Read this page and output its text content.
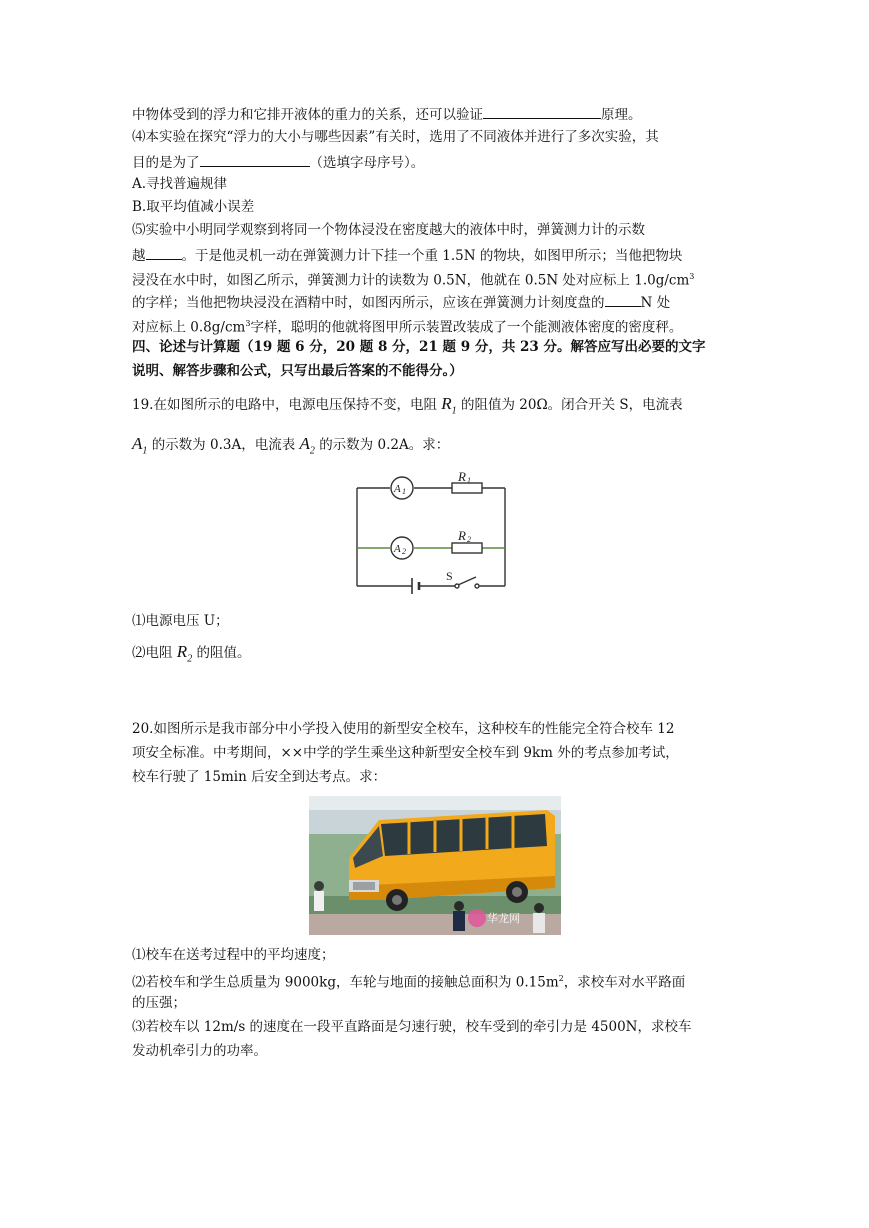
中物体受到的浮力和它排开液体的重力的关系，还可以验证	原理。
⑷本实验在探究“浮力的大小与哪些因素”有关时，选用了不同液体并进行了多次实验，其
目的是为了	（选填字母序号）。
A.寻找普遍规律
B.取平均值减小误差
⑸实验中小明同学观察到将同一个物体浸没在密度越大的液体中时，弹簧测力计的示数
越	。于是他灵机一动在弹簧测力计下挂一个重 1.5N 的物块，如图甲所示；当他把物块
浸没在水中时，如图乙所示，弹簧测力计的读数为 0.5N，他就在 0.5N 处对应标上 $1.0g/cm^3$
的字样；当他把物块浸没在酒精中时，如图丙所示，应该在弹簧测力计刻度盘的	N 处
对应标上 $0.8g/cm^3$字样，聪明的他就将图甲所示装置改装成了一个能测液体密度的密度秤。
四、论述与计算题（19 题 6 分，20 题 8 分，21 题 9 分，共 23 分。解答应写出必要的文字
说明、解答步骤和公式，只写出最后答案的不能得分。）
19.在如图所示的电路中，电源电压保持不变，电阻 $R_1$ 的阻值为 20Ω。闭合开关 S，电流表
$A_1$ 的示数为 0.3A，电流表 $A_2$ 的示数为 0.2A。求：
A 1
A 2
R 1
R 2
S
⑴电源电压 U；
⑵电阻 $R_2$ 的阻值。
20.如图所示是我市部分中小学投入使用的新型安全校车，这种校车的性能完全符合校车 12
项安全标准。中考期间，××中学的学生乘坐这种新型安全校车到 9km 外的考点参加考试，
校车行驶了 15min 后安全到达考点。求：
华龙网
⑴校车在送考过程中的平均速度；
⑵若校车和学生总质量为 9000kg，车轮与地面的接触总面积为 $0.15m^2$，求校车对水平路面
的压强；
⑶若校车以 12m/s 的速度在一段平直路面是匀速行驶，校车受到的牵引力是 4500N，求校车
发动机牵引力的功率。
